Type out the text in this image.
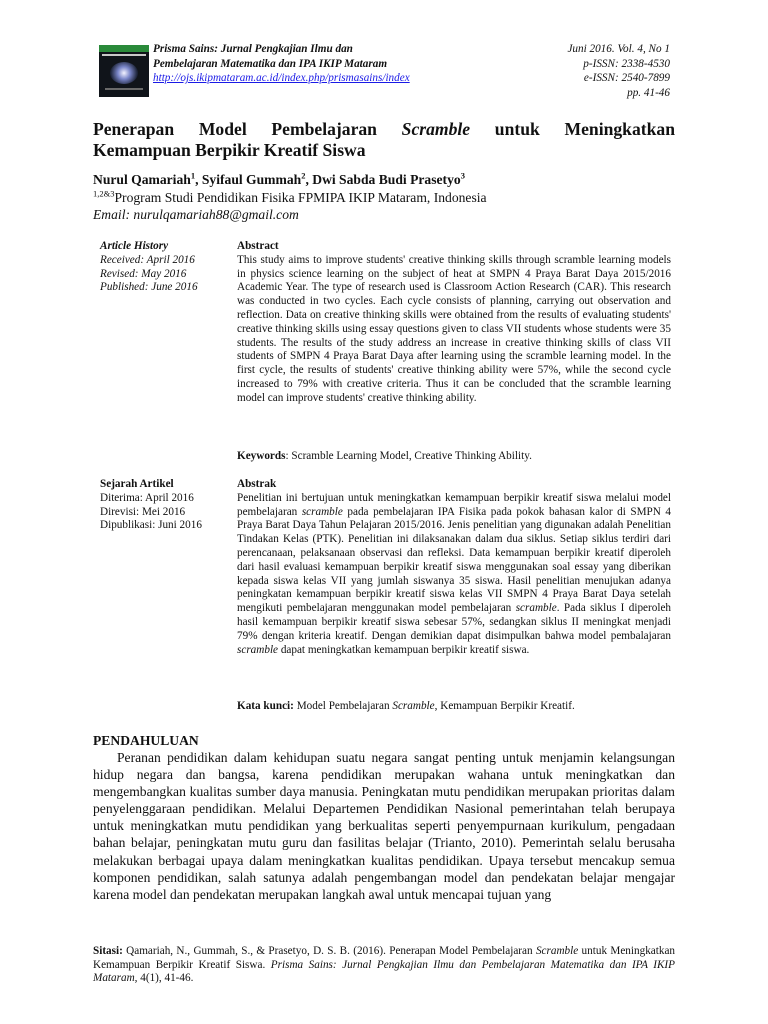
Prisma Sains: Jurnal Pengkajian Ilmu dan
Pembelajaran Matematika dan IPA IKIP Mataram
http://ojs.ikipmataram.ac.id/index.php/prismasains/index
Juni 2016. Vol. 4, No 1
p-ISSN: 2338-4530
e-ISSN: 2540-7899
pp. 41-46
Penerapan Model Pembelajaran Scramble untuk Meningkatkan
Kemampuan Berpikir Kreatif Siswa
Nurul Qamariah$^1$, Syifaul Gummah$^2$, Dwi Sabda Budi Prasetyo$^3$
$^{1,2\&3}$Program Studi Pendidikan Fisika FPMIPA IKIP Mataram, Indonesia
Email: nurulqamariah88@gmail.com
Article History
Received: April 2016
Revised: May 2016
Published: June 2016
Abstract

This study aims to improve students' creative thinking skills through scramble learning models in physics science learning on the subject of heat at SMPN 4 Praya Barat Daya 2015/2016 Academic Year. The type of research used is Classroom Action Research (CAR). This research was conducted in two cycles. Each cycle consists of planning, carrying out observation and reflection. Data on creative thinking skills were obtained from the results of evaluating students' creative thinking skills using essay questions given to class VII students whose students were 35 students. The results of the study address an increase in creative thinking skills of class VII students of SMPN 4 Praya Barat Daya after learning using the scramble learning model. In the first cycle, the results of students' creative thinking ability were 57%, while the second cycle increased to 79% with creative criteria. Thus it can be concluded that the scramble learning model can improve students' creative thinking ability.

Keywords: Scramble Learning Model, Creative Thinking Ability.
Sejarah Artikel
Diterima: April 2016
Direvisi: Mei 2016
Dipublikasi: Juni 2016
Abstrak

Penelitian ini bertujuan untuk meningkatkan kemampuan berpikir kreatif siswa melalui model pembelajaran scramble pada pembelajaran IPA Fisika pada pokok bahasan kalor di SMPN 4 Praya Barat Daya Tahun Pelajaran 2015/2016. Jenis penelitian yang digunakan adalah Penelitian Tindakan Kelas (PTK). Penelitian ini dilaksanakan dalam dua siklus. Setiap siklus terdiri dari perencanaan, pelaksanaan observasi dan refleksi. Data kemampuan berpikir kreatif diperoleh dari hasil evaluasi kemampuan berpikir kreatif siswa menggunakan soal essay yang diberikan kepada siswa kelas VII yang jumlah siswanya 35 siswa. Hasil penelitian menujukan adanya peningkatan kemampuan berpikir kreatif siswa kelas VII SMPN 4 Praya Barat Daya setelah mengikuti pembelajaran menggunakan model pembelajaran scramble. Pada siklus I diperoleh hasil kemampuan berpikir kreatif siswa sebesar 57%, sedangkan siklus II meningkat menjadi 79% dengan kriteria kreatif. Dengan demikian dapat disimpulkan bahwa model pembalajaran scramble dapat meningkatkan kemampuan berpikir kreatif siswa.

Kata kunci: Model Pembelajaran Scramble, Kemampuan Berpikir Kreatif.
PENDAHULUAN

Peranan pendidikan dalam kehidupan suatu negara sangat penting untuk menjamin kelangsungan hidup negara dan bangsa, karena pendidikan merupakan wahana untuk meningkatkan dan mengembangkan kualitas sumber daya manusia. Peningkatan mutu pendidikan merupakan prioritas dalam penyelenggaraan pendidikan. Melalui Departemen Pendidikan Nasional pemerintahan telah berupaya untuk meningkatkan mutu pendidikan yang berkualitas seperti penyempurnaan kurikulum, pengadaan bahan belajar, peningkatan mutu guru dan fasilitas belajar (Trianto, 2010). Pemerintah selalu berusaha melakukan berbagai upaya dalam meningkatkan kualitas pendidikan. Upaya tersebut mencakup semua komponen pendidikan, salah satunya adalah pengembangan model dan pendekatan belajar mengajar karena model dan pendekatan merupakan langkah awal untuk mencapai tujuan yang

Sitasi: Qamariah, N., Gummah, S., & Prasetyo, D. S. B. (2016). Penerapan Model Pembelajaran Scramble untuk Meningkatkan Kemampuan Berpikir Kreatif Siswa. Prisma Sains: Jurnal Pengkajian Ilmu dan Pembelajaran Matematika dan IPA IKIP Mataram, 4(1), 41-46.
